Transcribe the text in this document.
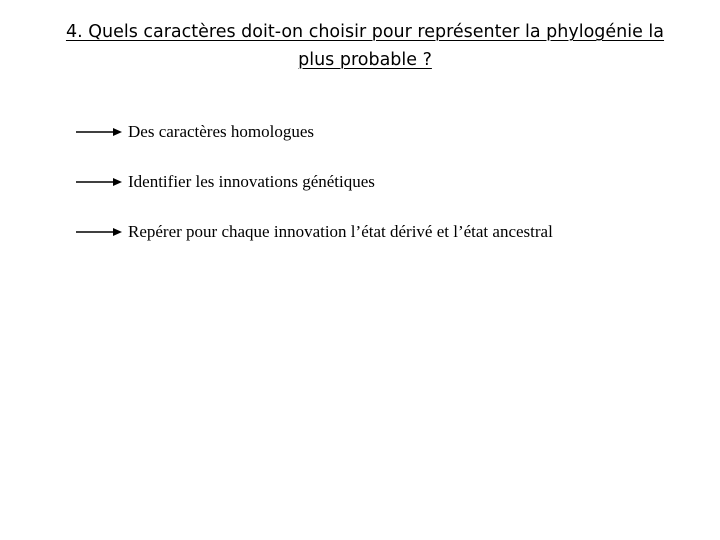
4. Quels caractères doit-on choisir pour représenter la phylogénie la
plus probable ?
Des caractères homologues
Identifier les innovations génétiques
Repérer pour chaque innovation l’état dérivé et l’état ancestral
